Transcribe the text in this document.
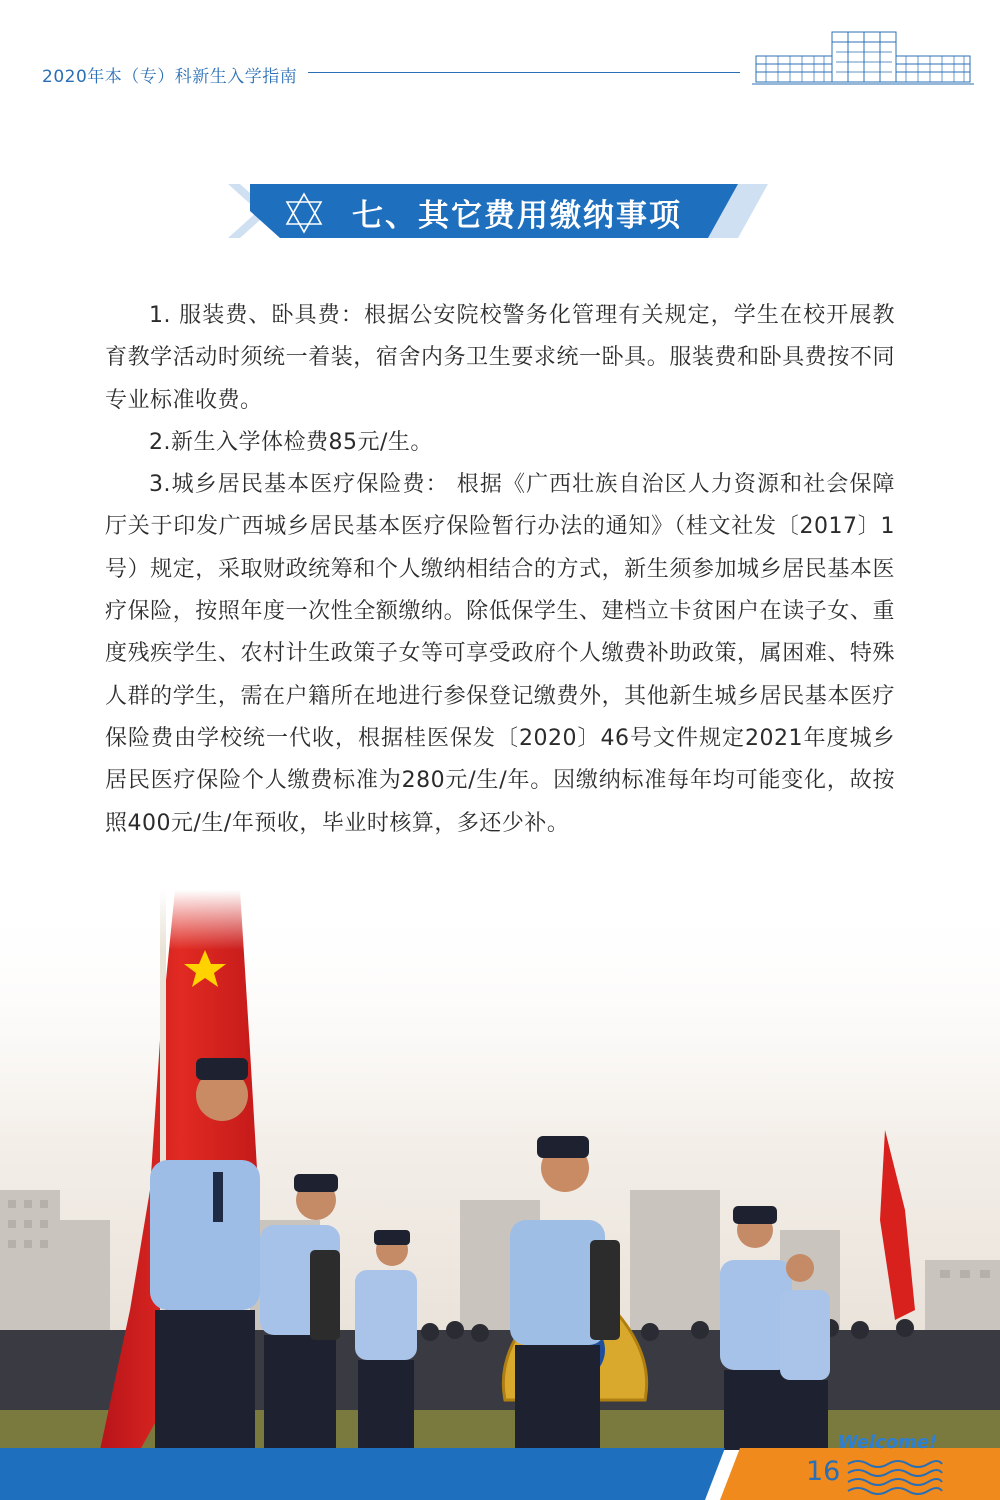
2020年本（专）科新生入学指南
七、其它费用缴纳事项

1. 服装费、卧具费：根据公安院校警务化管理有关规定，学生在校开展教育教学活动时须统一着装，宿舍内务卫生要求统一卧具。服装费和卧具费按不同专业标准收费。

2.新生入学体检费85元/生。

3.城乡居民基本医疗保险费： 根据《广西壮族自治区人力资源和社会保障厅关于印发广西城乡居民基本医疗保险暂行办法的通知》（桂文社发〔2017〕1号）规定，采取财政统筹和个人缴纳相结合的方式，新生须参加城乡居民基本医疗保险，按照年度一次性全额缴纳。除低保学生、建档立卡贫困户在读子女、重度残疾学生、农村计生政策子女等可享受政府个人缴费补助政策，属困难、特殊人群的学生，需在户籍所在地进行参保登记缴费外，其他新生城乡居民基本医疗保险费由学校统一代收，根据桂医保发〔2020〕46号文件规定2021年度城乡居民医疗保险个人缴费标准为280元/生/年。因缴纳标准每年均可能变化，故按照400元/生/年预收，毕业时核算，多还少补。

Welcome!
16
